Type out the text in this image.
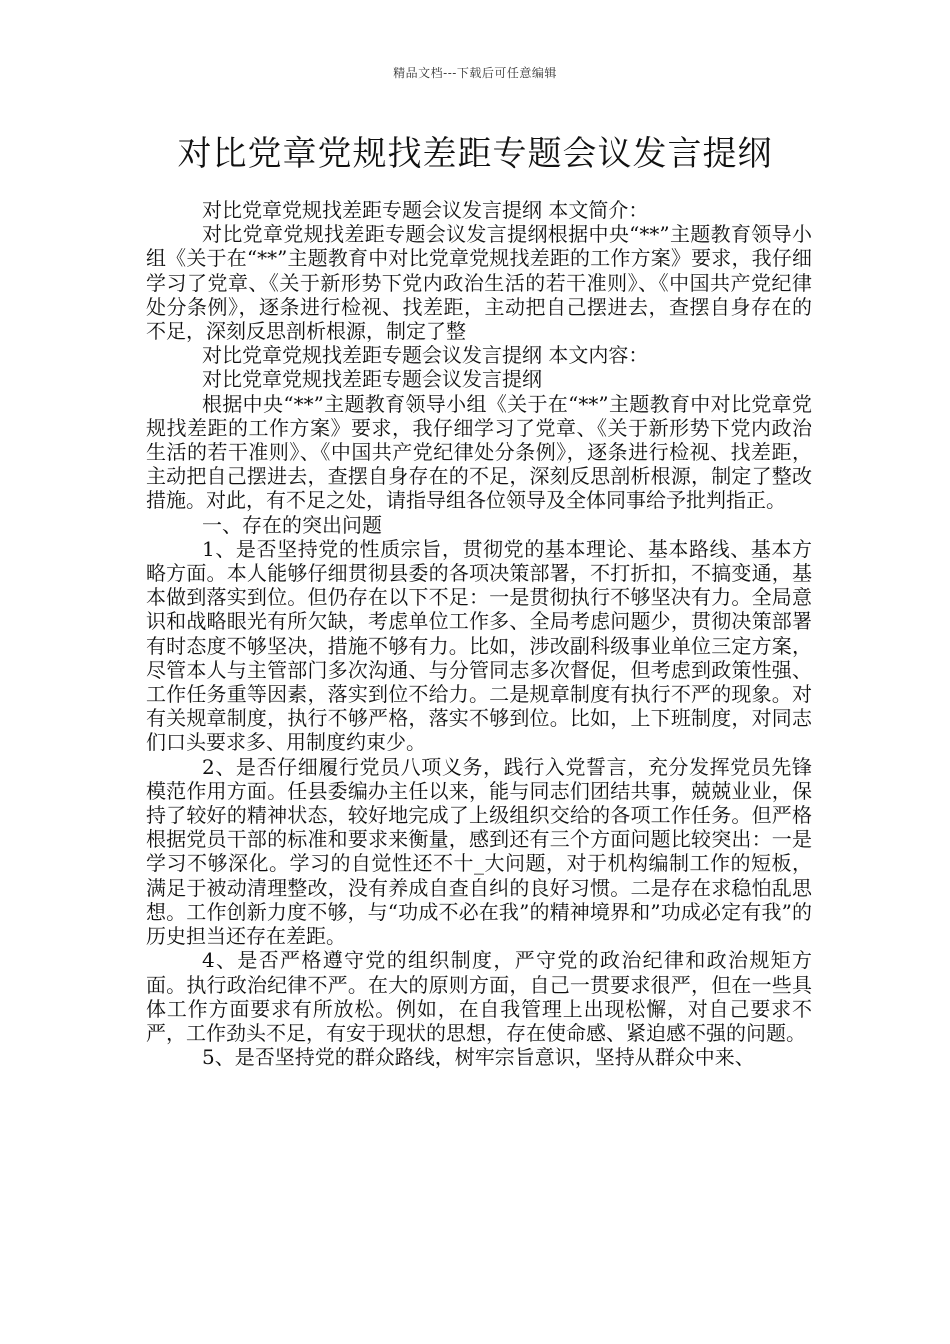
精品文档---下载后可任意编辑
对比党章党规找差距专题会议发言提纲

对比党章党规找差距专题会议发言提纲 本文简介：

对比党章党规找差距专题会议发言提纲根据中央“**”主题教育领导小组《关于在“**”主题教育中对比党章党规找差距的工作方案》要求，我仔细学习了党章、《关于新形势下党内政治生活的若干准则》、《中国共产党纪律处分条例》，逐条进行检视、找差距，主动把自己摆进去，查摆自身存在的不足，深刻反思剖析根源，制定了整

对比党章党规找差距专题会议发言提纲 本文内容：

对比党章党规找差距专题会议发言提纲

根据中央“**”主题教育领导小组《关于在“**”主题教育中对比党章党规找差距的工作方案》要求，我仔细学习了党章、《关于新形势下党内政治生活的若干准则》、《中国共产党纪律处分条例》，逐条进行检视、找差距，主动把自己摆进去，查摆自身存在的不足，深刻反思剖析根源，制定了整改措施。对此，有不足之处，请指导组各位领导及全体同事给予批判指正。

一、存在的突出问题

1、是否坚持党的性质宗旨，贯彻党的基本理论、基本路线、基本方略方面。本人能够仔细贯彻县委的各项决策部署，不打折扣，不搞变通，基本做到落实到位。但仍存在以下不足：一是贯彻执行不够坚决有力。全局意识和战略眼光有所欠缺，考虑单位工作多、全局考虑问题少，贯彻决策部署有时态度不够坚决，措施不够有力。比如，涉改副科级事业单位三定方案，尽管本人与主管部门多次沟通、与分管同志多次督促，但考虑到政策性强、工作任务重等因素，落实到位不给力。二是规章制度有执行不严的现象。对有关规章制度，执行不够严格，落实不够到位。比如，上下班制度，对同志们口头要求多、用制度约束少。

2、是否仔细履行党员八项义务，践行入党誓言，充分发挥党员先锋模范作用方面。任县委编办主任以来，能与同志们团结共事，兢兢业业，保持了较好的精神状态，较好地完成了上级组织交给的各项工作任务。但严格根据党员干部的标准和要求来衡量，感到还有三个方面问题比较突出：一是学习不够深化。学习的自觉性还不十_大问题，对于机构编制工作的短板，满足于被动清理整改，没有养成自查自纠的良好习惯。二是存在求稳怕乱思想。工作创新力度不够，与“功成不必在我”的精神境界和”功成必定有我”的历史担当还存在差距。

4、是否严格遵守党的组织制度，严守党的政治纪律和政治规矩方面。执行政治纪律不严。在大的原则方面，自己一贯要求很严，但在一些具体工作方面要求有所放松。例如，在自我管理上出现松懈，对自己要求不严，工作劲头不足，有安于现状的思想，存在使命感、紧迫感不强的问题。

5、是否坚持党的群众路线，树牢宗旨意识，坚持从群众中来、
